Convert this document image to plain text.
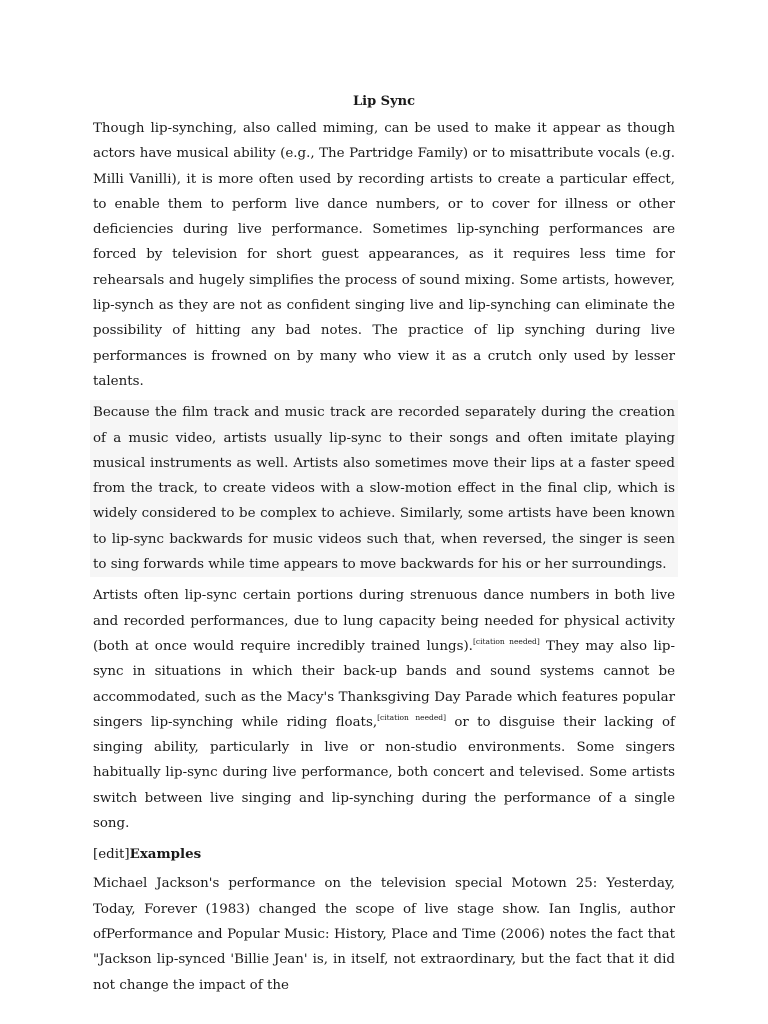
Lip Sync

Though lip-synching, also called miming, can be used to make it appear as though actors have musical ability (e.g., The Partridge Family) or to misattribute vocals (e.g. Milli Vanilli), it is more often used by recording artists to create a particular effect, to enable them to perform live dance numbers, or to cover for illness or other deficiencies during live performance. Sometimes lip-synching performances are forced by television for short guest appearances, as it requires less time for rehearsals and hugely simplifies the process of sound mixing. Some artists, however, lip-synch as they are not as confident singing live and lip-synching can eliminate the possibility of hitting any bad notes. The practice of lip synching during live performances is frowned on by many who view it as a crutch only used by lesser talents.

Because the film track and music track are recorded separately during the creation of a music video, artists usually lip-sync to their songs and often imitate playing musical instruments as well. Artists also sometimes move their lips at a faster speed from the track, to create videos with a slow-motion effect in the final clip, which is widely considered to be complex to achieve. Similarly, some artists have been known to lip-sync backwards for music videos such that, when reversed, the singer is seen to sing forwards while time appears to move backwards for his or her surroundings.

Artists often lip-sync certain portions during strenuous dance numbers in both live and recorded performances, due to lung capacity being needed for physical activity (both at once would require incredibly trained lungs).[citation needed] They may also lip-sync in situations in which their back-up bands and sound systems cannot be accommodated, such as the Macy's Thanksgiving Day Parade which features popular singers lip-synching while riding floats,[citation needed] or to disguise their lacking of singing ability, particularly in live or non-studio environments. Some singers habitually lip-sync during live performance, both concert and televised. Some artists switch between live singing and lip-synching during the performance of a single song.

[edit]Examples

Michael Jackson's performance on the television special Motown 25: Yesterday, Today, Forever (1983) changed the scope of live stage show. Ian Inglis, author ofPerformance and Popular Music: History, Place and Time (2006) notes the fact that "Jackson lip-synced 'Billie Jean' is, in itself, not extraordinary, but the fact that it did not change the impact of the
